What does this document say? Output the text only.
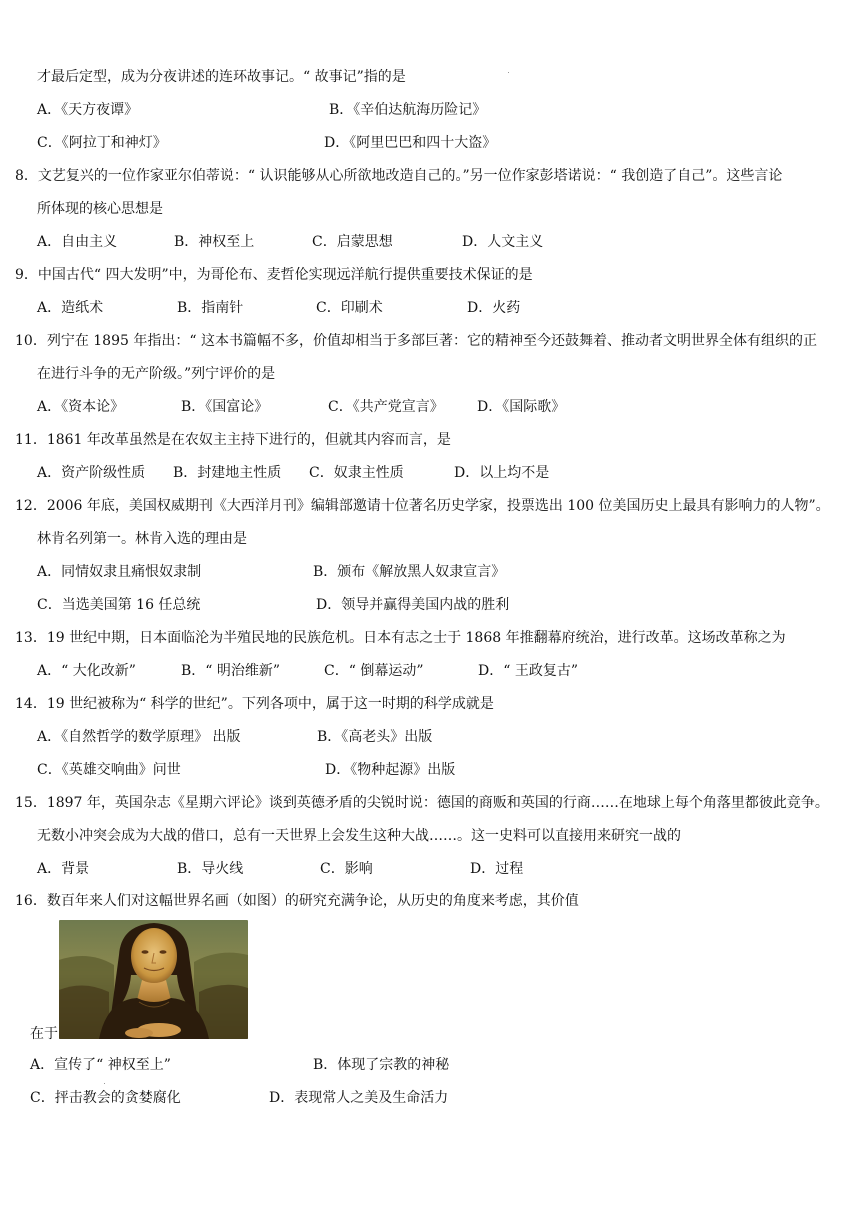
才最后定型，成为分夜讲述的连环故事记。“ 故事记”指的是
A．《天方夜谭》	B．《辛伯达航海历险记》
C．《阿拉丁和神灯》	D．《阿里巴巴和四十大盗》
8．文艺复兴的一位作家亚尔伯蒂说：“ 认识能够从心所欲地改造自己的。”另一位作家彭塔诺说：“ 我创造了自己”。这些言论
所体现的核心思想是
A．自由主义	B．神权至上	C．启蒙思想	D．人文主义
9．中国古代“ 四大发明”中，为哥伦布、麦哲伦实现远洋航行提供重要技术保证的是
A．造纸术	B．指南针	C．印刷术	D．火药
10．列宁在 1895 年指出：“ 这本书篇幅不多，价值却相当于多部巨著：它的精神至今还鼓舞着、推动者文明世界全体有组织的正
在进行斗争的无产阶级。”列宁评价的是
A．《资本论》	B．《国富论》	C．《共产党宣言》 D．《国际歌》
11．1861 年改革虽然是在农奴主主持下进行的，但就其内容而言，是
A．资产阶级性质 B．封建地主性质 C．奴隶主性质	D．以上均不是
12．2006 年底，美国权威期刊《大西洋月刊》编辑部邀请十位著名历史学家，投票选出 100 位美国历史上最具有影响力的人物”。
林肯名列第一。林肯入选的理由是
A．同情奴隶且痛恨奴隶制	B．颁布《解放黑人奴隶宣言》
C．当选美国第 16 任总统	D．领导并赢得美国内战的胜利
13．19 世纪中期，日本面临沦为半殖民地的民族危机。日本有志之士于 1868 年推翻幕府统治，进行改革。这场改革称之为
A．“ 大化改新”	B．“ 明治维新”	C．“ 倒幕运动”	D．“ 王政复古”
14．19 世纪被称为“ 科学的世纪”。下列各项中，属于这一时期的科学成就是
A．《自然哲学的数学原理》 出版	B．《高老头》出版
C．《英雄交响曲》问世	D．《物种起源》出版
15．1897 年，英国杂志《星期六评论》谈到英德矛盾的尖锐时说：德国的商贩和英国的行商……在地球上每个角落里都彼此竞争。
无数小冲突会成为大战的借口，总有一天世界上会发生这种大战……。这一史料可以直接用来研究一战的
A．背景	B．导火线	C．影响	D．过程
16．数百年来人们对这幅世界名画（如图）的研究充满争论，从历史的角度来考虑，其价值
在于
A．宣传了“ 神权至上”	B．体现了宗教的神秘
C．抨击教会的贪婪腐化	D．表现常人之美及生命活力
